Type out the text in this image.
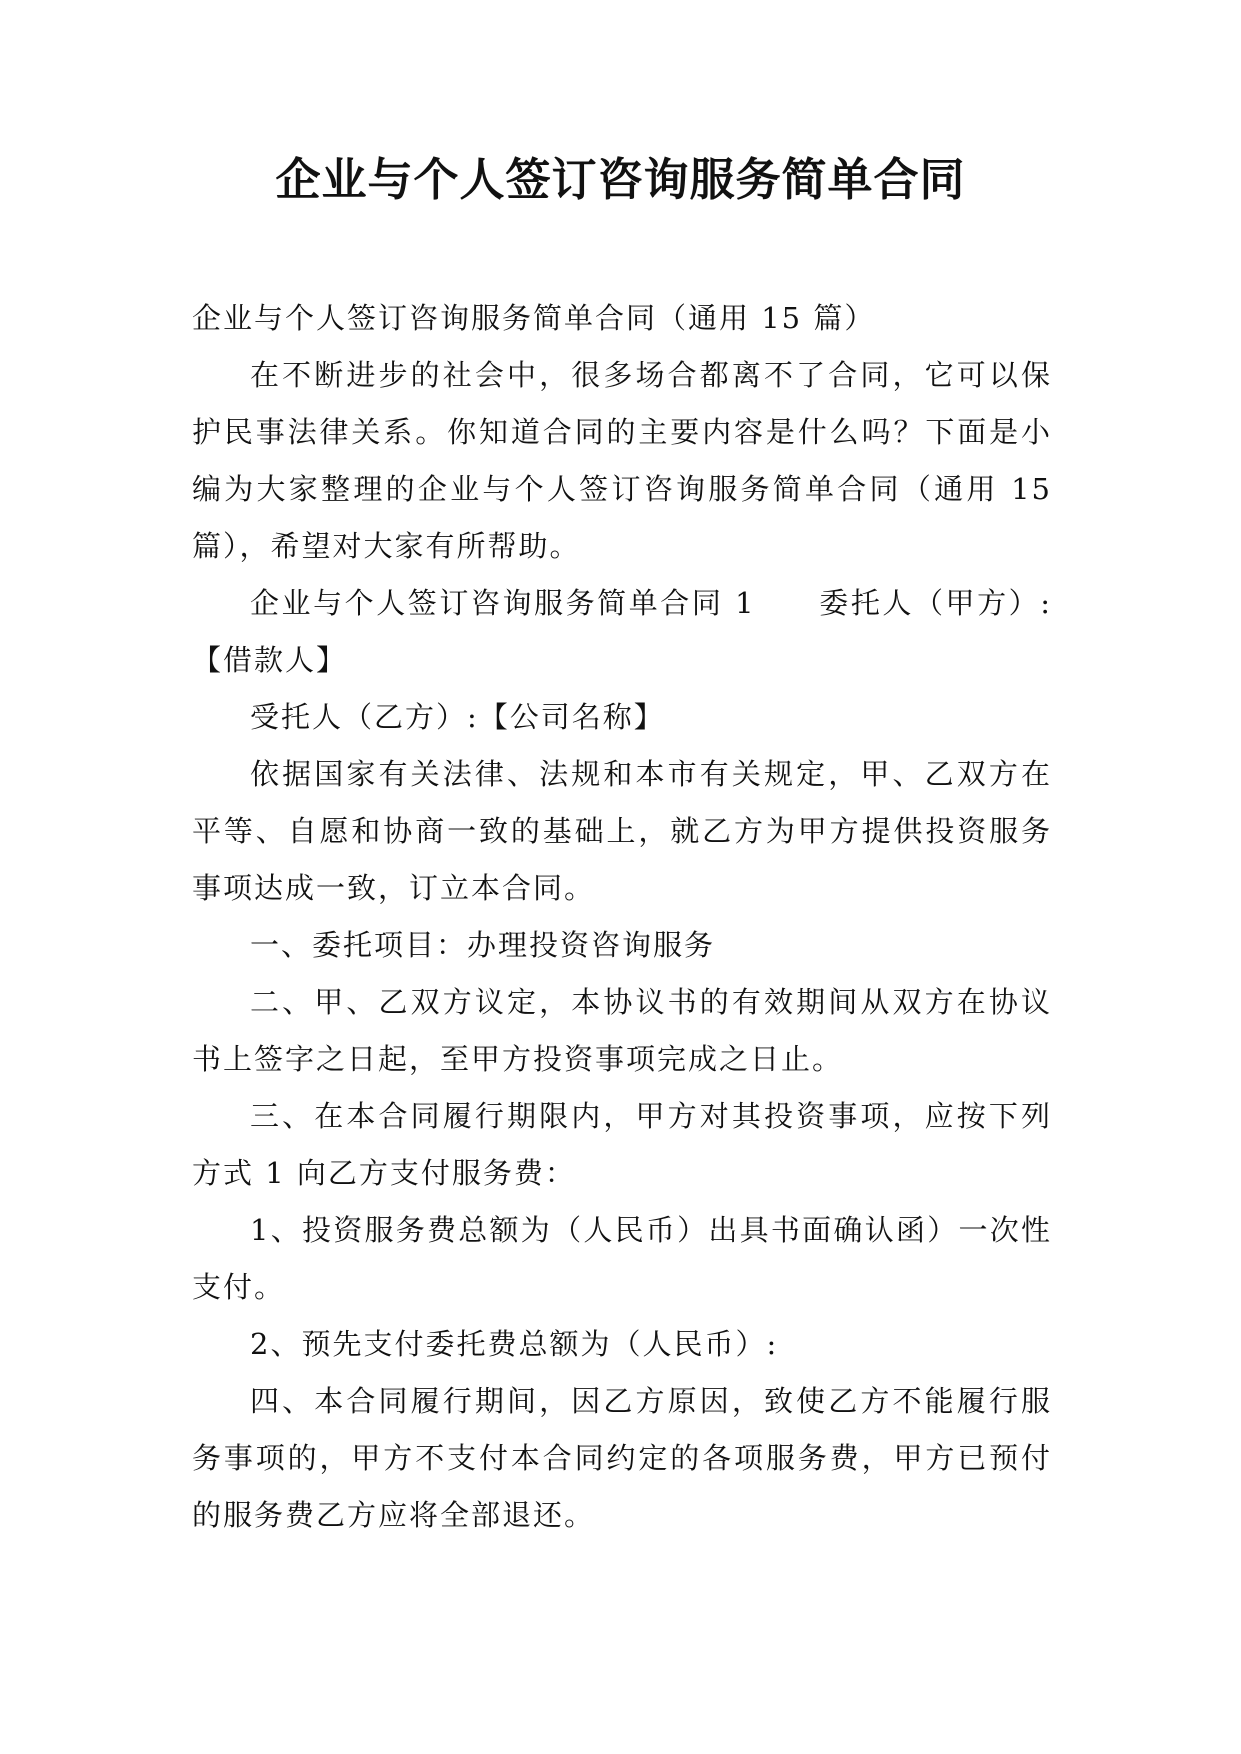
企业与个人签订咨询服务简单合同

企业与个人签订咨询服务简单合同（通用 15 篇）

在不断进步的社会中，很多场合都离不了合同，它可以保护民事法律关系。你知道合同的主要内容是什么吗？下面是小编为大家整理的企业与个人签订咨询服务简单合同（通用 15 篇），希望对大家有所帮助。

企业与个人签订咨询服务简单合同 1　　委托人（甲方）:【借款人】

受托人（乙方）:【公司名称】

依据国家有关法律、法规和本市有关规定，甲、乙双方在平等、自愿和协商一致的基础上，就乙方为甲方提供投资服务事项达成一致，订立本合同。

一、委托项目：办理投资咨询服务

二、甲、乙双方议定，本协议书的有效期间从双方在协议书上签字之日起，至甲方投资事项完成之日止。

三、在本合同履行期限内，甲方对其投资事项，应按下列方式 1 向乙方支付服务费：

1、投资服务费总额为（人民币）出具书面确认函）一次性支付。

2、预先支付委托费总额为（人民币）:

四、本合同履行期间，因乙方原因，致使乙方不能履行服务事项的，甲方不支付本合同约定的各项服务费，甲方已预付的服务费乙方应将全部退还。
